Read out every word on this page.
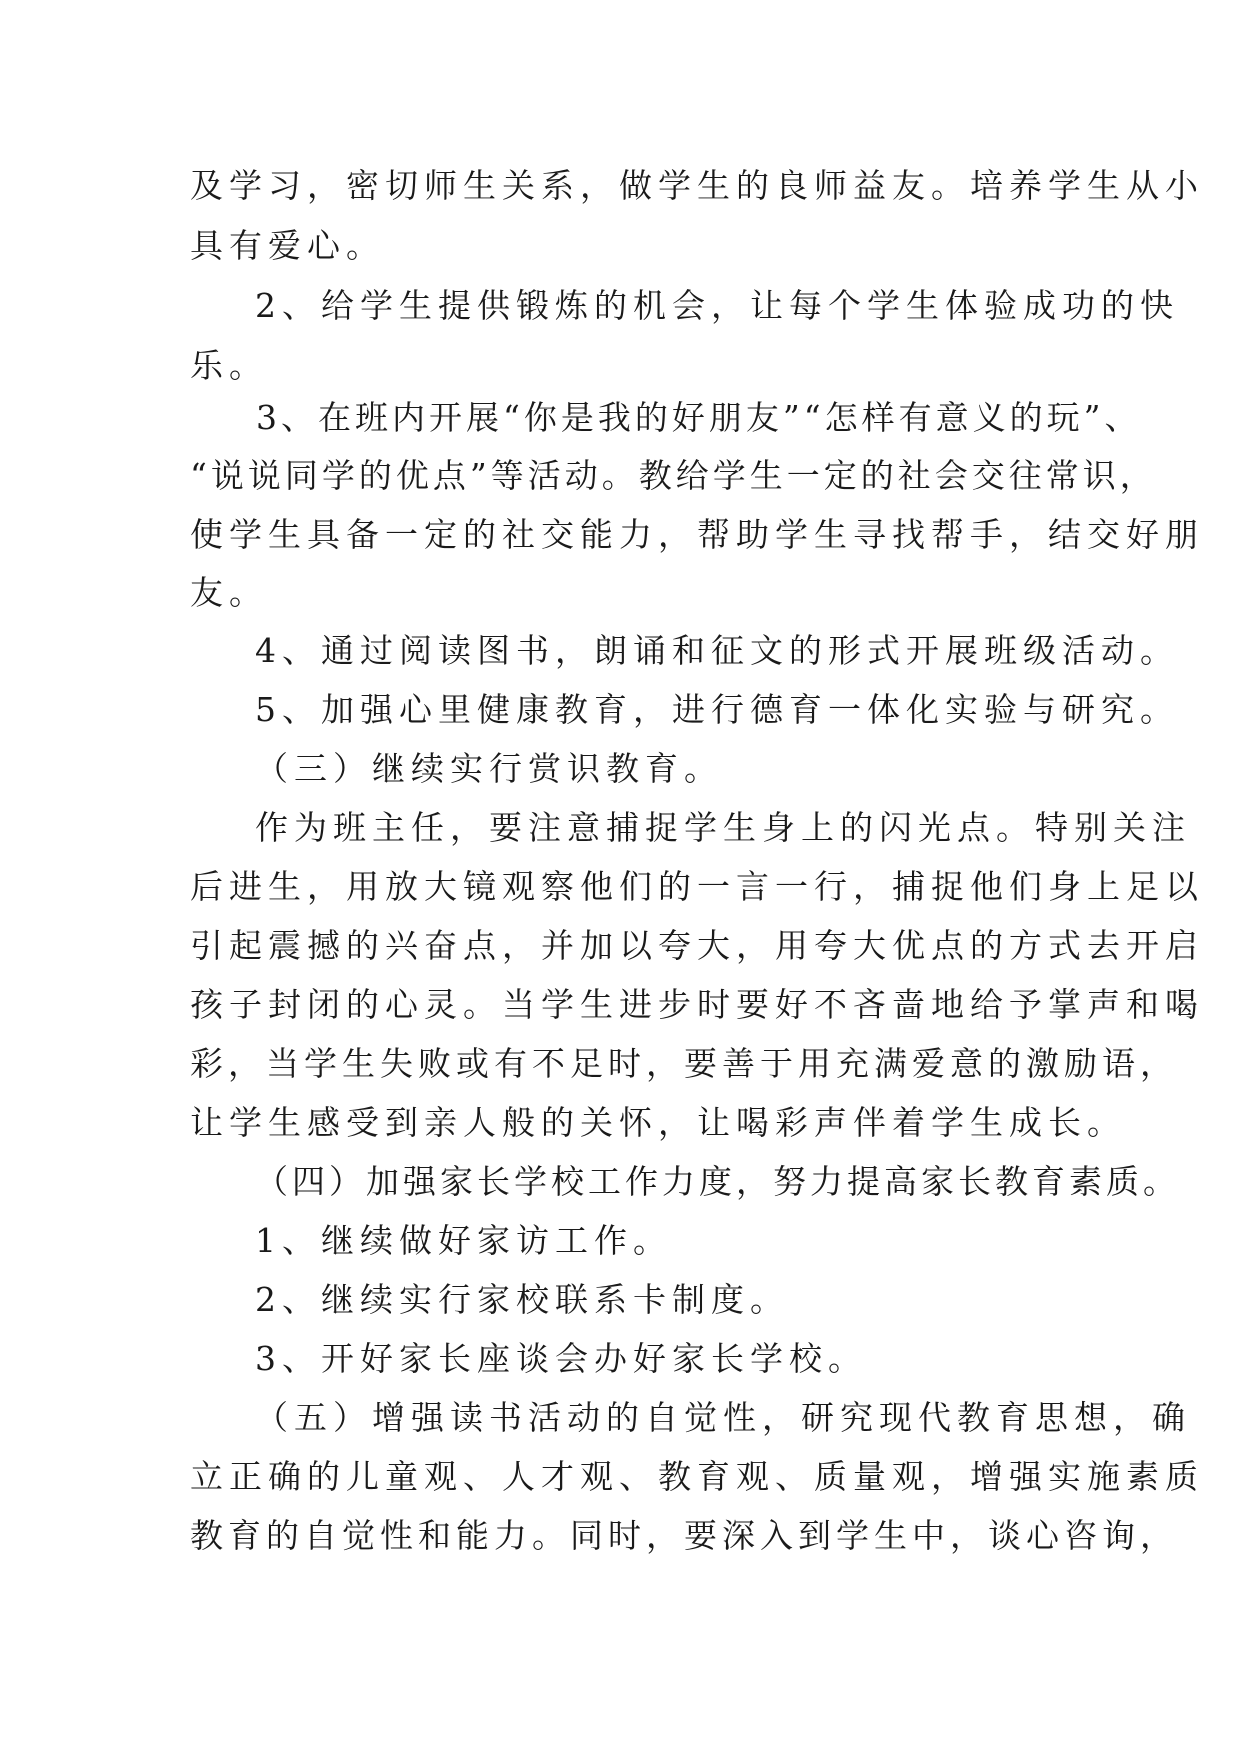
及学习，密切师生关系，做学生的良师益友。培养学生从小

具有爱心。

2、给学生提供锻炼的机会，让每个学生体验成功的快

乐。

3、在班内开展“你是我的好朋友”“怎样有意义的玩”、

“说说同学的优点”等活动。教给学生一定的社会交往常识，

使学生具备一定的社交能力，帮助学生寻找帮手，结交好朋

友。

4、通过阅读图书，朗诵和征文的形式开展班级活动。

5、加强心里健康教育，进行德育一体化实验与研究。

（三）继续实行赏识教育。

作为班主任，要注意捕捉学生身上的闪光点。特别关注

后进生，用放大镜观察他们的一言一行，捕捉他们身上足以

引起震撼的兴奋点，并加以夸大，用夸大优点的方式去开启

孩子封闭的心灵。当学生进步时要好不吝啬地给予掌声和喝

彩，当学生失败或有不足时，要善于用充满爱意的激励语，

让学生感受到亲人般的关怀，让喝彩声伴着学生成长。

（四）加强家长学校工作力度，努力提高家长教育素质。

1、继续做好家访工作。

2、继续实行家校联系卡制度。

3、开好家长座谈会办好家长学校。

（五）增强读书活动的自觉性，研究现代教育思想，确

立正确的儿童观、人才观、教育观、质量观，增强实施素质

教育的自觉性和能力。同时，要深入到学生中，谈心咨询，
